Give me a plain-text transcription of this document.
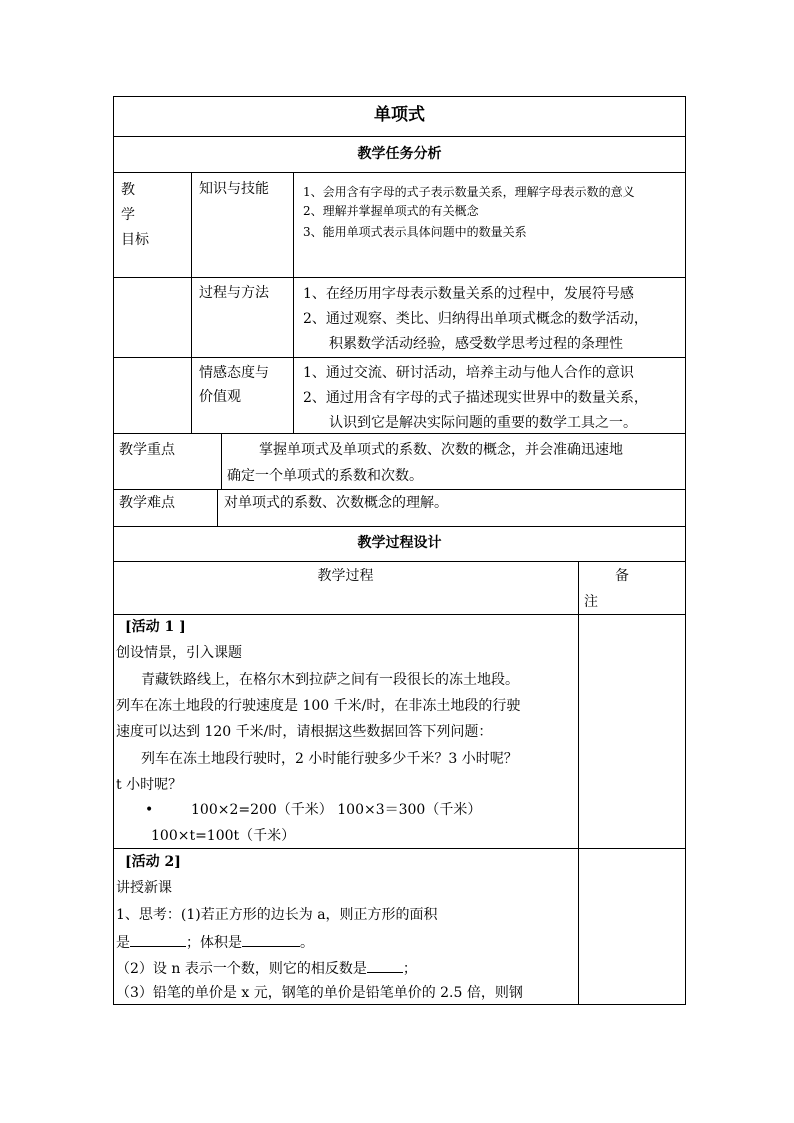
单项式
教学任务分析
教
学
目标
知识与技能	1、会用含有字母的式子表示数量关系，理解字母表示数的意义
2、理解并掌握单项式的有关概念
3、能用单项式表示具体问题中的数量关系
过程与方法 1、在经历用字母表示数量关系的过程中，发展符号感
2、通过观察、类比、归纳得出单项式概念的数学活动，
积累数学活动经验，感受数学思考过程的条理性
情感态度与
价值观
1、通过交流、研讨活动，培养主动与他人合作的意识
2、通过用含有字母的式子描述现实世界中的数量关系，
认识到它是解决实际问题的重要的数学工具之一。
教学重点	掌握单项式及单项式的系数、次数的概念，并会准确迅速地
确定一个单项式的系数和次数。
教学难点	对单项式的系数、次数概念的理解。
教学过程设计
教学过程	备
注
[活动 1 ]
创设情景，引入课题
青藏铁路线上，在格尔木到拉萨之间有一段很长的冻土地段。
列车在冻土地段的行驶速度是 100 千米/时，在非冻土地段的行驶
速度可以达到 120 千米/时，请根据这些数据回答下列问题：
列车在冻土地段行驶时，2 小时能行驶多少千米？3 小时呢？
t 小时呢？
•	100×2=200（千米） 100×3＝300（千米）
100×t=100t（千米）
[活动 2]
讲授新课
1、思考：(1)若正方形的边长为 a，则正方形的面积
是	；体积是	。
（2）设 n 表示一个数，则它的相反数是	；
（3）铅笔的单价是 x 元，钢笔的单价是铅笔单价的 2.5 倍，则钢
